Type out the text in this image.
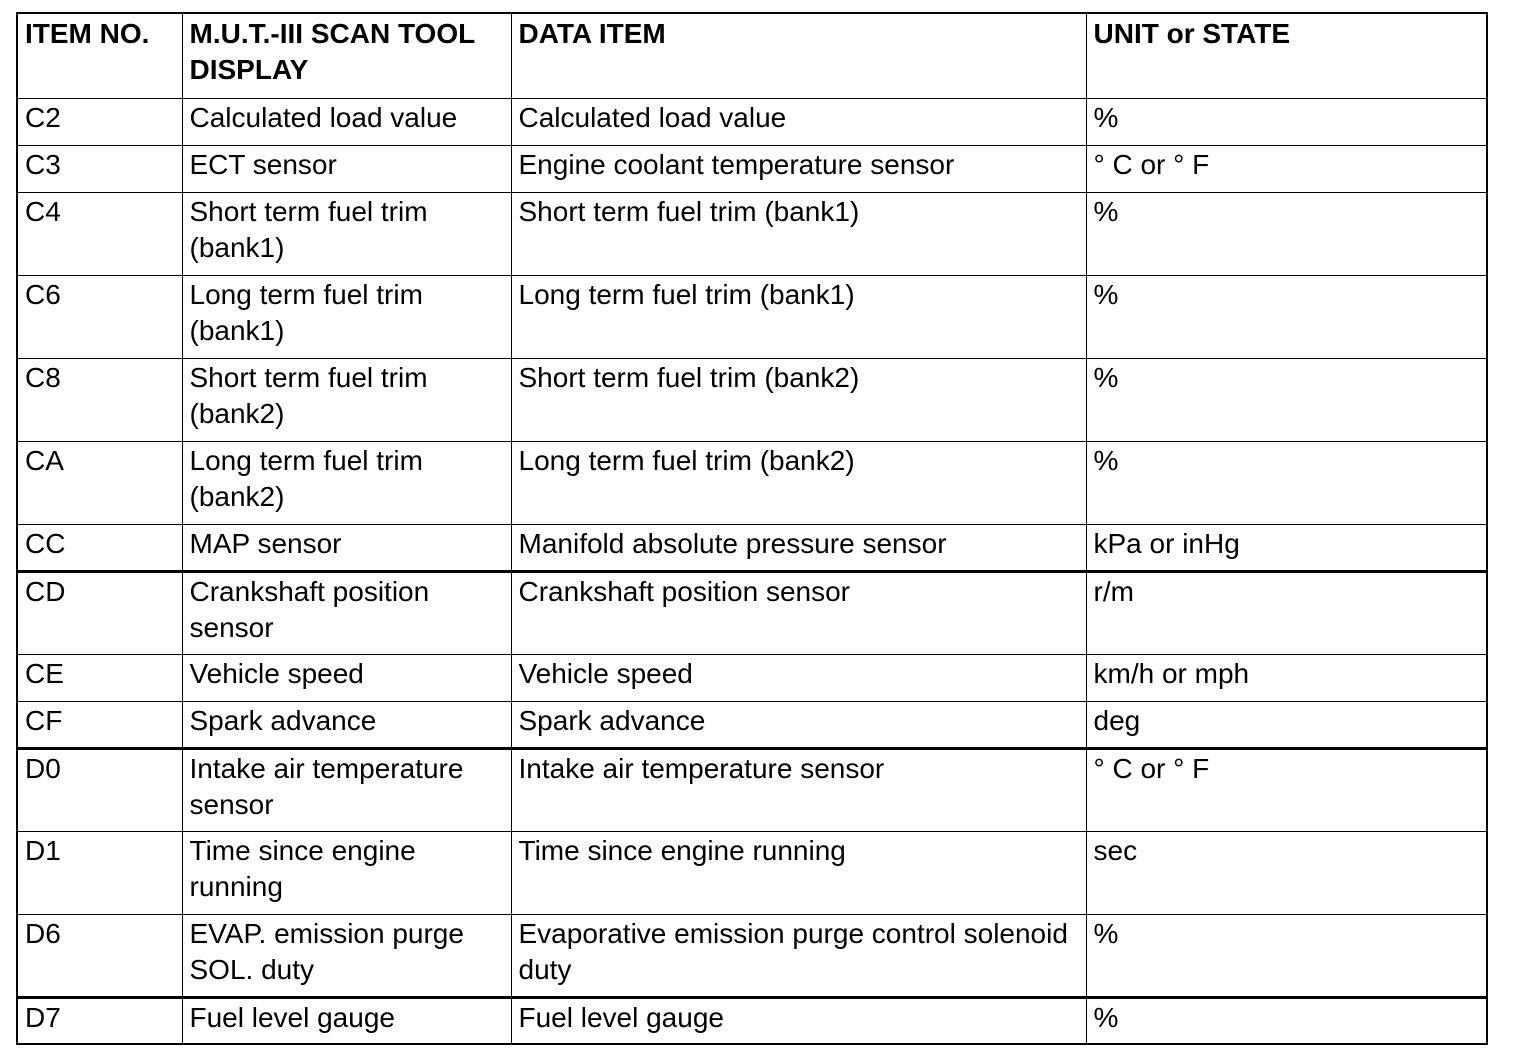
ITEM NO.	M.U.T.-III SCAN TOOL DISPLAY	DATA ITEM	UNIT or STATE
C2	Calculated load value	Calculated load value	%
C3	ECT sensor	Engine coolant temperature sensor	° C or ° F
C4	Short term fuel trim (bank1)	Short term fuel trim (bank1)	%
C6	Long term fuel trim (bank1)	Long term fuel trim (bank1)	%
C8	Short term fuel trim (bank2)	Short term fuel trim (bank2)	%
CA	Long term fuel trim (bank2)	Long term fuel trim (bank2)	%
CC	MAP sensor	Manifold absolute pressure sensor	kPa or inHg
CD	Crankshaft position sensor	Crankshaft position sensor	r/m
CE	Vehicle speed	Vehicle speed	km/h or mph
CF	Spark advance	Spark advance	deg
D0	Intake air temperature sensor	Intake air temperature sensor	° C or ° F
D1	Time since engine running	Time since engine running	sec
D6	EVAP. emission purge SOL. duty	Evaporative emission purge control solenoid duty	%
D7	Fuel level gauge	Fuel level gauge	%
